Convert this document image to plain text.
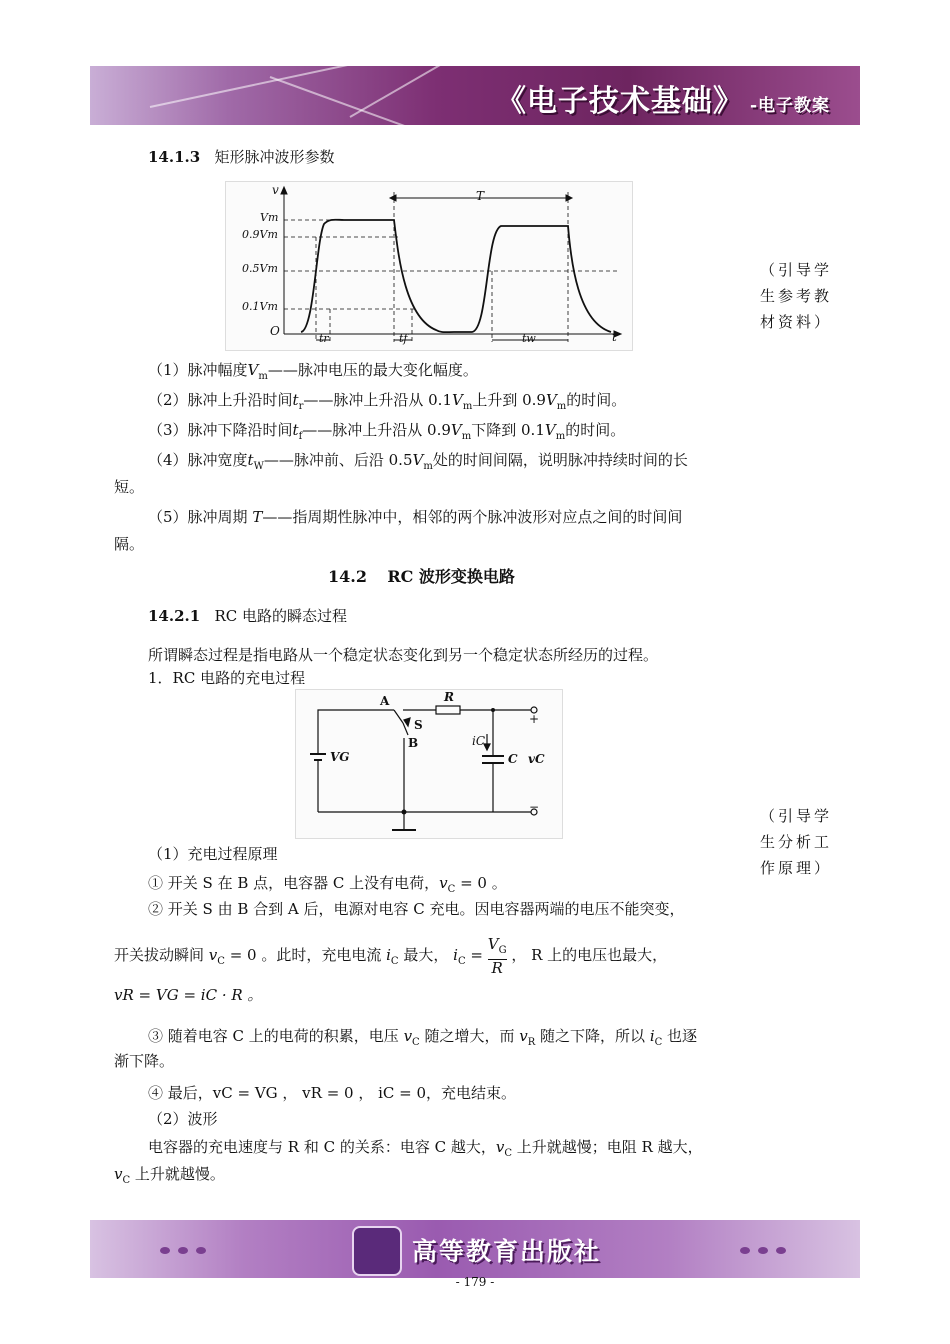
《电子技术基础》 -电子教案
14.1.3 矩形脉冲波形参数
v	T
Vm
0.9Vm
0.5Vm
0.1Vm
O
tr	tf	tw	t
（引导学生参考教材资料）
（1）脉冲幅度$V_m——$脉冲电压的最大变化幅度。
（2）脉冲上升沿时间$t_r——$脉冲上升沿从 $0.1V_m$上升到 $0.9V_m$的时间。
（3）脉冲下降沿时间$t_f——$脉冲上升沿从 $0.9V_m$下降到 $0.1V_m$的时间。
（4）脉冲宽度$t_W——$脉冲前、后沿 $0.5V_m$处的时间间隔，说明脉冲持续时间的长
短。
（5）脉冲周期 T——指周期性脉冲中，相邻的两个脉冲波形对应点之间的时间间
隔。
14.2 RC 波形变换电路
14.2.1 RC 电路的瞬态过程
所谓瞬态过程是指电路从一个稳定状态变化到另一个稳定状态所经历的过程。
1．RC 电路的充电过程
A	R
S
B
VG
iC
C vC
+
−	（引导学生分析工作原理）
（1）充电过程原理
① 开关 S 在 B 点，电容器 C 上没有电荷，$v_C = 0$ 。
② 开关 S 由 B 合到 A 后，电源对电容 C 充电。因电容器两端的电压不能突变，
开关拔动瞬间 $v_C = 0$ 。此时，充电电流 $i_C$ 最大， $i_C = \frac{V_G}{R}$ ， R 上的电压也最大，
vR = VG = iC · R 。
③ 随着电容 C 上的电荷的积累，电压 $v_C$ 随之增大，而 $v_R$ 随之下降，所以 $i_C$ 也逐
渐下降。
④ 最后，vC = VG ， vR = 0 ， iC = 0，充电结束。
（2）波形
电容器的充电速度与 R 和 C 的关系：电容 C 越大，$v_C$ 上升就越慢；电阻 R 越大，
$v_C$ 上升就越慢。
高等教育出版社
- 179 -
